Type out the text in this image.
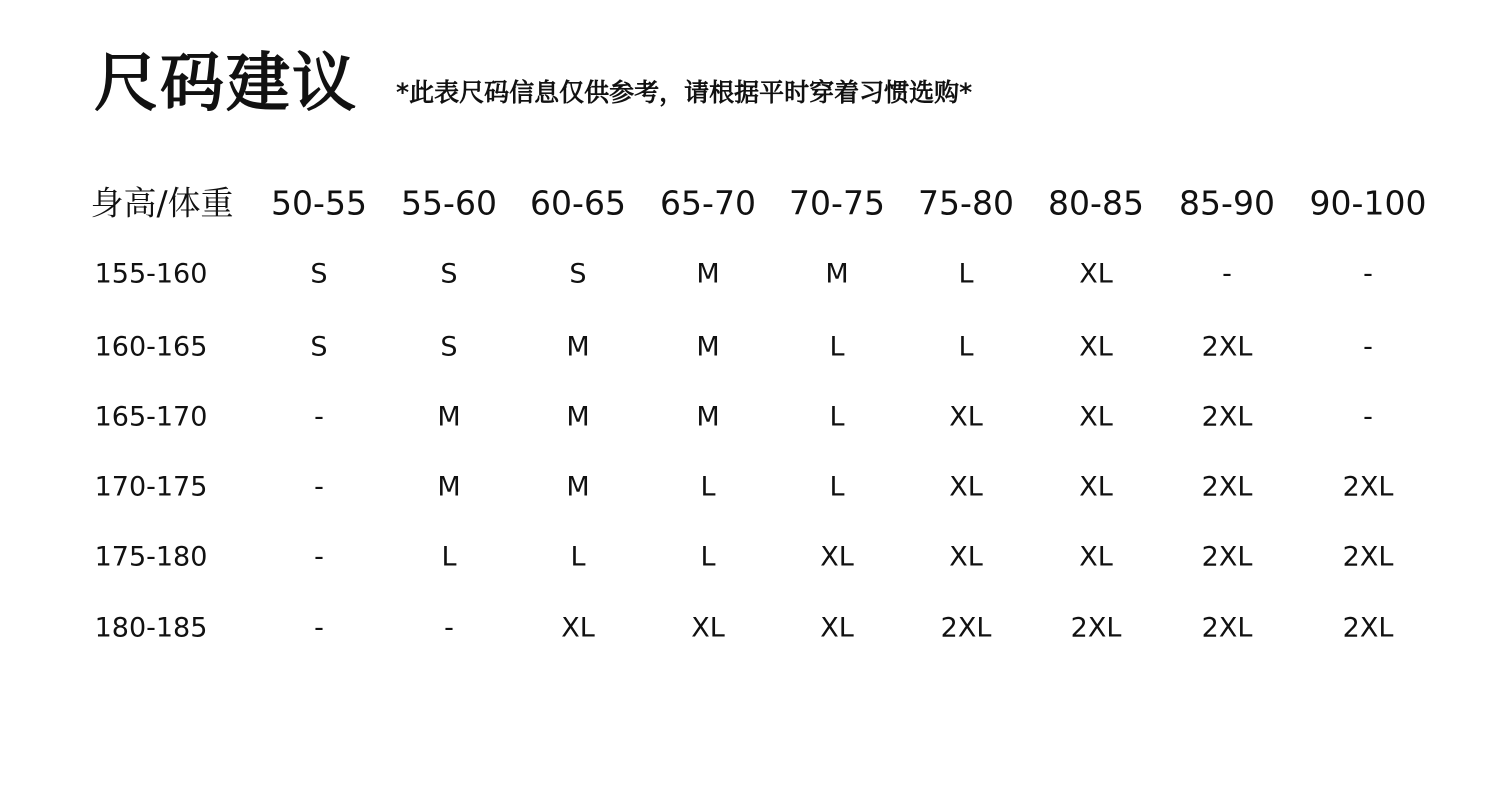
尺码建议 *此表尺码信息仅供参考，请根据平时穿着习惯选购*
身高/体重 50-55 55-60 60-65 65-70 70-75 75-80 80-85 85-90 90-100
155-160	S	S	S	M	M	L	XL	-	-
160-165	S	S	M	M	L	L	XL	2XL	-
165-170	-	M	M	M	L	XL	XL	2XL	-
170-175	-	M	M	L	L	XL	XL	2XL	2XL
175-180	-	L	L	L	XL	XL	XL	2XL	2XL
180-185	-	-	XL	XL	XL	2XL	2XL	2XL	2XL
